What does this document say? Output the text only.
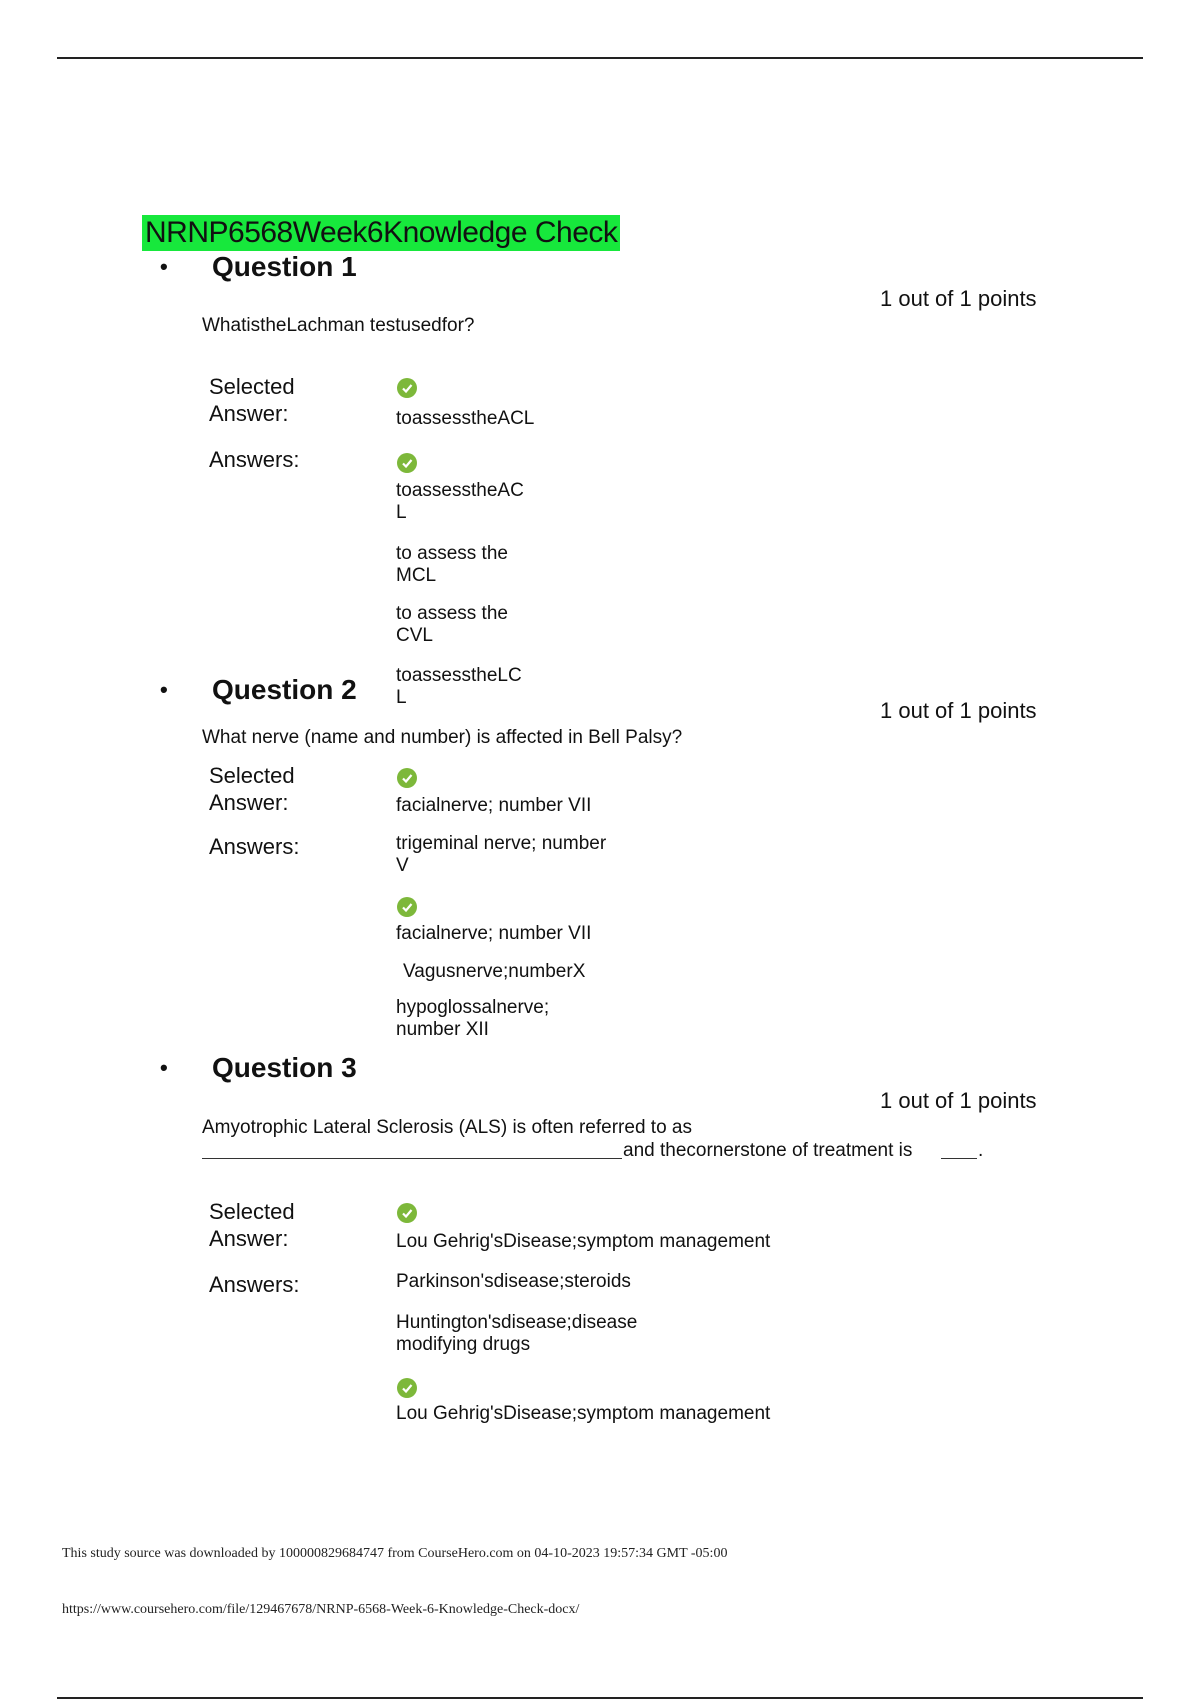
NRNP6568Week6Knowledge Check
• Question 1
1 out of 1 points
WhatistheLachman testusedfor?
Selected
Answer:	toassesstheACL
Answers:
toassesstheAC
L
to assess the
MCL
to assess the
CVL
toassesstheLC
L
• Question 2
1 out of 1 points
What nerve (name and number) is affected in Bell Palsy?
Selected
Answer:	facialnerve; number VII
Answers:	trigeminal nerve; number
V
facialnerve; number VII
Vagusnerve;numberX
hypoglossalnerve;
number XII
• Question 3
1 out of 1 points
Amyotrophic Lateral Sclerosis (ALS) is often referred to as
and thecornerstone of treatment is	.
Selected
Answer:	Lou Gehrig'sDisease;symptom management
Answers:	Parkinson'sdisease;steroids
Huntington'sdisease;disease
modifying drugs
Lou Gehrig'sDisease;symptom management
This study source was downloaded by 100000829684747 from CourseHero.com on 04-10-2023 19:57:34 GMT -05:00
https://www.coursehero.com/file/129467678/NRNP-6568-Week-6-Knowledge-Check-docx/
